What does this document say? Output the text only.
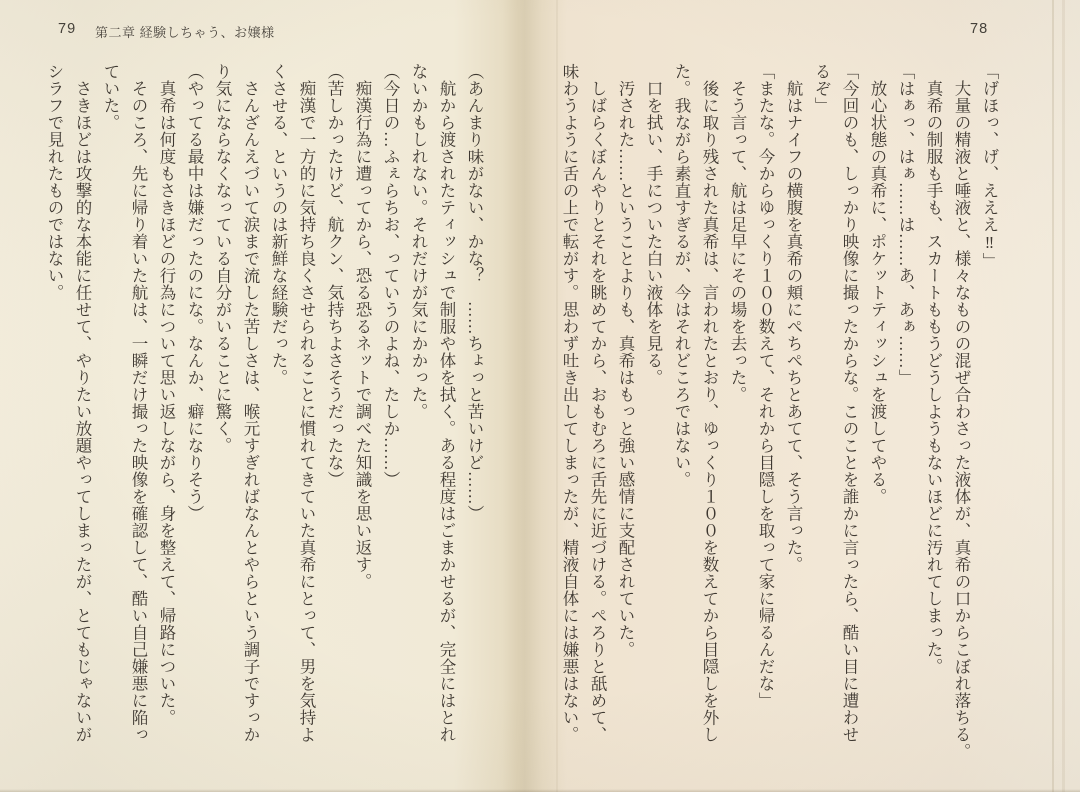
79 第二章 経験しちゃう、お嬢様
（あんまり味がない、かな？　……ちょっと苦いけど……）
　航から渡されたティッシュで制服や体を拭く。ある程度はごまかせるが、完全にはとれ
ないかもしれない。それだけが気にかかった。
（今日の…ふぇらちお、っていうのよね、たしか……）
　痴漢行為に遭ってから、恐る恐るネットで調べた知識を思い返す。
（苦しかったけど、航クン、気持ちよさそうだったな）
　痴漢で一方的に気持ち良くさせられることに慣れてきていた真希にとって、男を気持よ
くさせる、というのは新鮮な経験だった。
　さんざんえづいて涙まで流した苦しさは、喉元すぎればなんとやらという調子ですっか
り気にならなくなっている自分がいることに驚く。
（やってる最中は嫌だったのにな。なんか、癖になりそう）
　真希は何度もさきほどの行為について思い返しながら、身を整えて、帰路についた。
　そのころ、先に帰り着いた航は、一瞬だけ撮った映像を確認して、酷い自己嫌悪に陥っ
ていた。
　さきほどは攻撃的な本能に任せて、やりたい放題やってしまったが、とてもじゃないが
シラフで見れたものではない。
78
「げほっ、げ、えええ‼」
　大量の精液と唾液と、様々なものの混ぜ合わさった液体が、真希の口からこぼれ落ちる。
　真希の制服も手も、スカートももうどうしようもないほどに汚れてしまった。
「はぁっ、はぁ……は……あ、あぁ……」
　放心状態の真希に、ポケットティッシュを渡してやる。
「今回のも、しっかり映像に撮ったからな。このことを誰かに言ったら、酷い目に遭わせ
るぞ」
　航はナイフの横腹を真希の頬にぺちぺちとあてて、そう言った。
「またな。今からゆっくり１００数えて、それから目隠しを取って家に帰るんだな」
　そう言って、航は足早にその場を去った。
　後に取り残された真希は、言われたとおり、ゆっくり１００を数えてから目隠しを外し
た。我ながら素直すぎるが、今はそれどころではない。
　口を拭い、手についた白い液体を見る。
　汚された……ということよりも、真希はもっと強い感情に支配されていた。
　しばらくぼんやりとそれを眺めてから、おもむろに舌先に近づける。ぺろりと舐めて、
味わうように舌の上で転がす。思わず吐き出してしまったが、精液自体には嫌悪はない。
